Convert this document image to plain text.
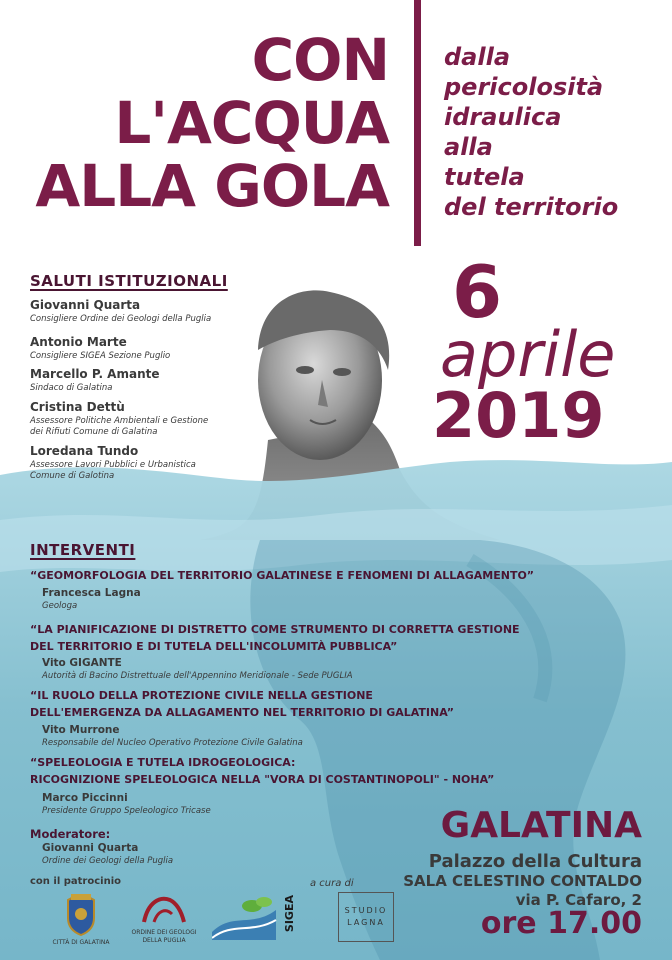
CON
L'ACQUA
ALLA GOLA
dalla
pericolosità
idraulica
alla
tutela
del territorio
6
aprile
2019
SALUTI ISTITUZIONALI
Giovanni Quarta
Consigliere Ordine dei Geologi della Puglia
Antonio Marte
Consigliere SIGEA Sezione Puglio
Marcello P. Amante
Sindaco di Galatina
Cristina Dettù
Assessore Politiche Ambientali e Gestione
dei Rifiuti Comune di Galatina
Loredana Tundo
Assessore Lavori Pubblici e Urbanistica
Comune di Galotina
INTERVENTI
“GEOMORFOLOGIA DEL TERRITORIO GALATINESE E FENOMENI DI ALLAGAMENTO”
Francesca Lagna
Geologa
“LA PIANIFICAZIONE DI DISTRETTO COME STRUMENTO DI CORRETTA GESTIONE
DEL TERRITORIO E DI TUTELA DELL'INCOLUMITÀ PUBBLICA”
Vito GIGANTE
Autorità di Bacino Distrettuale dell'Appennino Meridionale - Sede PUGLIA
“IL RUOLO DELLA PROTEZIONE CIVILE NELLA GESTIONE
DELL'EMERGENZA DA ALLAGAMENTO NEL TERRITORIO DI GALATINA”
Vito Murrone
Responsabile del Nucleo Operativo Protezione Civile Galatina
“SPELEOLOGIA E TUTELA IDROGEOLOGICA:
RICOGNIZIONE SPELEOLOGICA NELLA "VORA DI COSTANTINOPOLI" - NOHA”
Marco Piccinni
Presidente Gruppo Speleologico Tricase
Moderatore:
Giovanni Quarta
Ordine dei Geologi della Puglia
GALATINA
Palazzo della Cultura
SALA CELESTINO CONTALDO
via P. Cafaro, 2
ore 17.00
con il patrocinio	a cura di
CITTÀ DI GALATINA
ORDINE DEI GEOLOGI
DELLA PUGLIA
SIGEA	STUDIO
LAGNA
